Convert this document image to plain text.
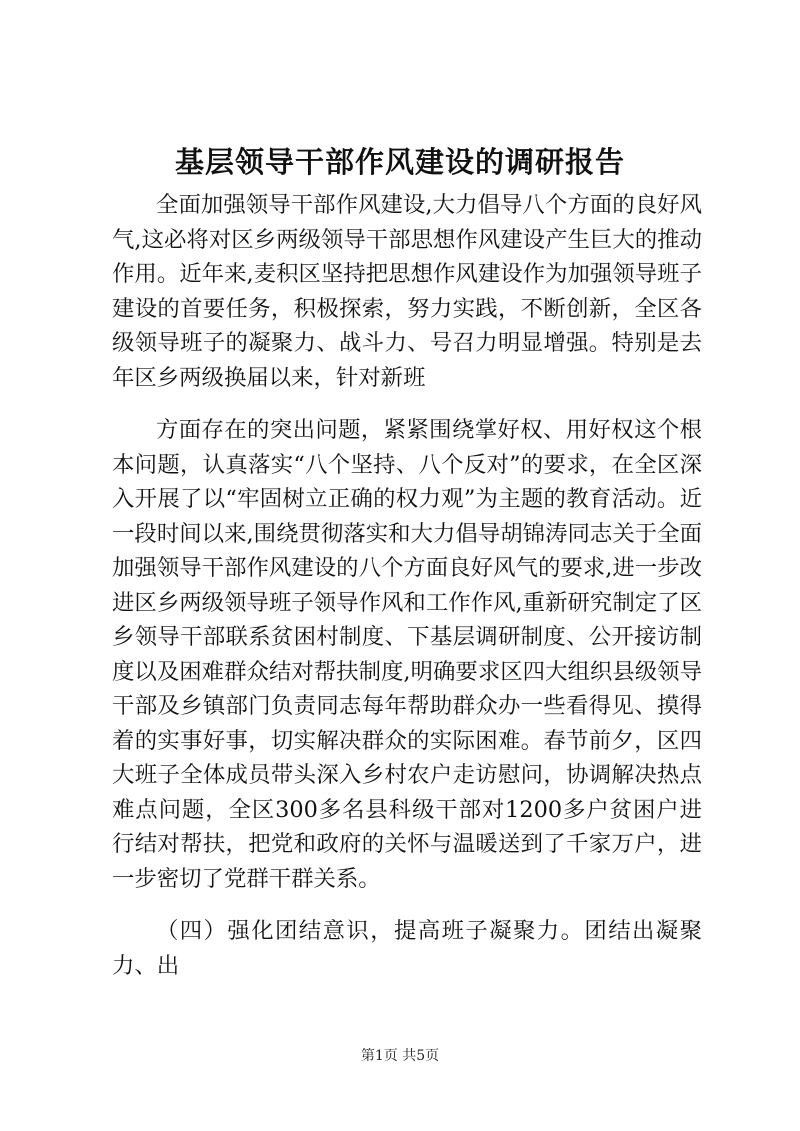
基层领导干部作风建设的调研报告

全面加强领导干部作风建设,大力倡导八个方面的良好风气,这必将对区乡两级领导干部思想作风建设产生巨大的推动作用。近年来,麦积区坚持把思想作风建设作为加强领导班子建设的首要任务，积极探索，努力实践，不断创新，全区各级领导班子的凝聚力、战斗力、号召力明显增强。特别是去年区乡两级换届以来，针对新班

方面存在的突出问题，紧紧围绕掌好权、用好权这个根本问题，认真落实“八个坚持、八个反对”的要求，在全区深入开展了以“牢固树立正确的权力观”为主题的教育活动。近一段时间以来,围绕贯彻落实和大力倡导胡锦涛同志关于全面加强领导干部作风建设的八个方面良好风气的要求,进一步改进区乡两级领导班子领导作风和工作作风,重新研究制定了区乡领导干部联系贫困村制度、下基层调研制度、公开接访制度以及困难群众结对帮扶制度,明确要求区四大组织县级领导干部及乡镇部门负责同志每年帮助群众办一些看得见、摸得着的实事好事，切实解决群众的实际困难。春节前夕，区四大班子全体成员带头深入乡村农户走访慰问，协调解决热点难点问题，全区300多名县科级干部对1200多户贫困户进行结对帮扶，把党和政府的关怀与温暖送到了千家万户，进一步密切了党群干群关系。

（四）强化团结意识，提高班子凝聚力。团结出凝聚力、出

第1页 共5页
